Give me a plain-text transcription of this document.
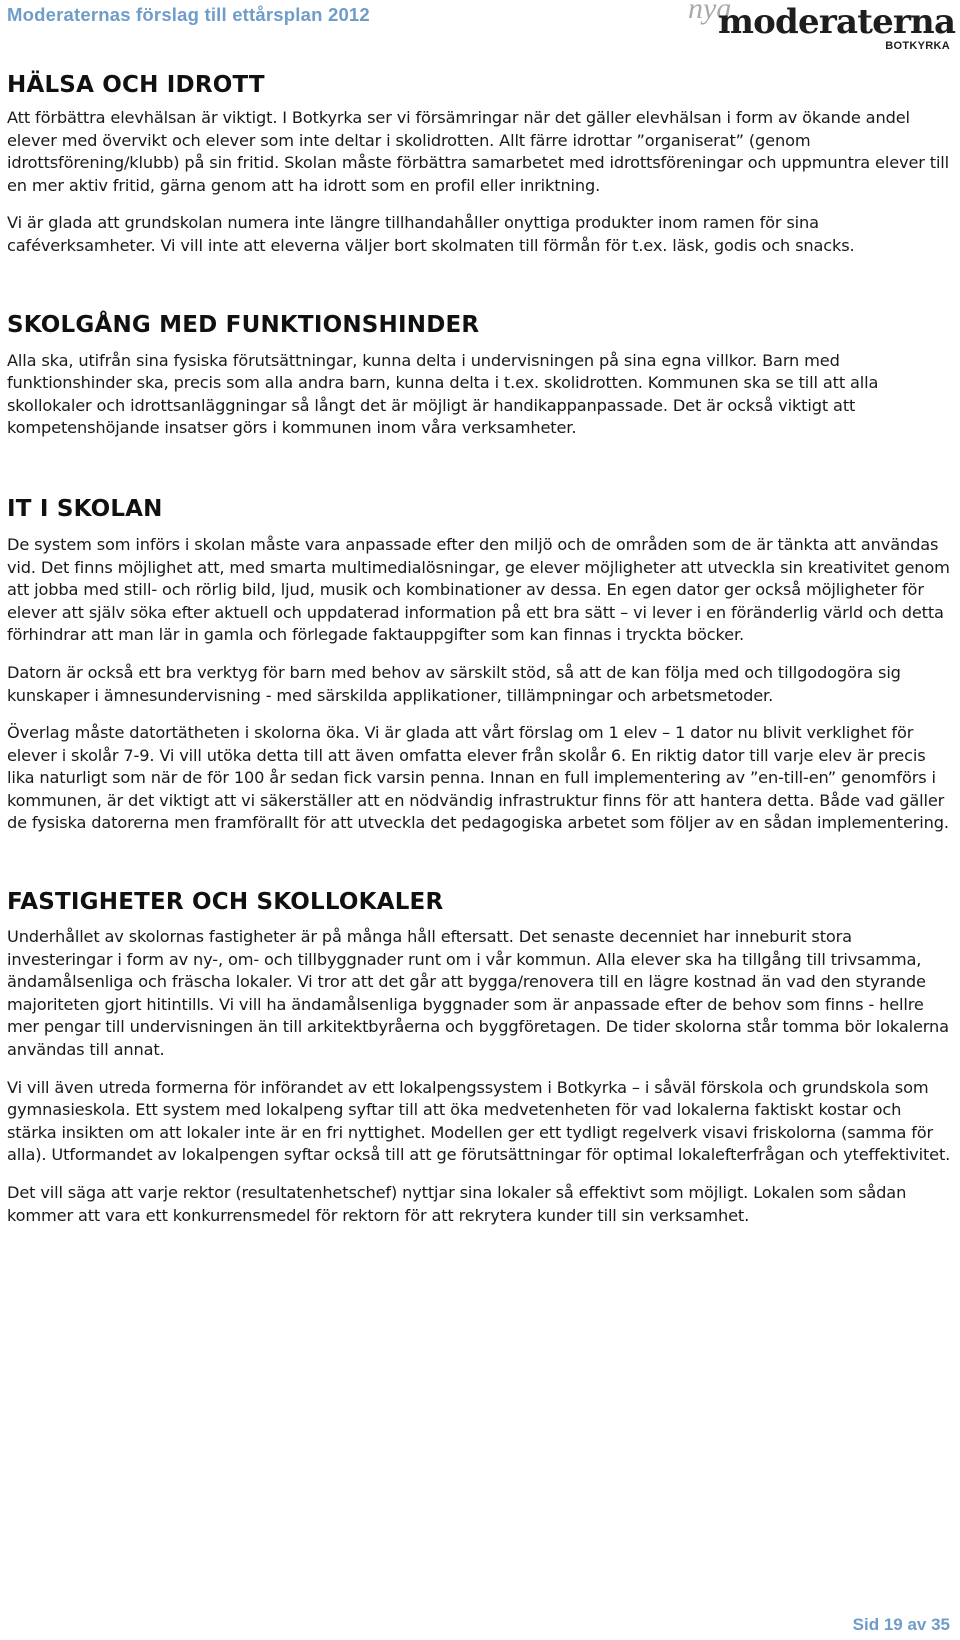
Moderaternas förslag till ettårsplan 2012	nya
moderaterna
BOTKYRKA
HÄLSA OCH IDROTT

Att förbättra elevhälsan är viktigt. I Botkyrka ser vi försämringar när det gäller elevhälsan i form av ökande andel elever med övervikt och elever som inte deltar i skolidrotten. Allt färre idrottar ”organiserat” (genom idrottsförening/klubb) på sin fritid. Skolan måste förbättra samarbetet med idrottsföreningar och uppmuntra elever till en mer aktiv fritid, gärna genom att ha idrott som en profil eller inriktning.

Vi är glada att grundskolan numera inte längre tillhandahåller onyttiga produkter inom ramen för sina caféverksamheter. Vi vill inte att eleverna väljer bort skolmaten till förmån för t.ex. läsk, godis och snacks.

SKOLGÅNG MED FUNKTIONSHINDER

Alla ska, utifrån sina fysiska förutsättningar, kunna delta i undervisningen på sina egna villkor. Barn med funktionshinder ska, precis som alla andra barn, kunna delta i t.ex. skolidrotten. Kommunen ska se till att alla skollokaler och idrottsanläggningar så långt det är möjligt är handikappanpassade. Det är också viktigt att kompetenshöjande insatser görs i kommunen inom våra verksamheter.

IT I SKOLAN

De system som införs i skolan måste vara anpassade efter den miljö och de områden som de är tänkta att användas vid. Det finns möjlighet att, med smarta multimedialösningar, ge elever möjligheter att utveckla sin kreativitet genom att jobba med still- och rörlig bild, ljud, musik och kombinationer av dessa. En egen dator ger också möjligheter för elever att själv söka efter aktuell och uppdaterad information på ett bra sätt – vi lever i en föränderlig värld och detta förhindrar att man lär in gamla och förlegade faktauppgifter som kan finnas i tryckta böcker.

Datorn är också ett bra verktyg för barn med behov av särskilt stöd, så att de kan följa med och tillgodogöra sig kunskaper i ämnesundervisning - med särskilda applikationer, tillämpningar och arbetsmetoder.

Överlag måste datortätheten i skolorna öka. Vi är glada att vårt förslag om 1 elev – 1 dator nu blivit verklighet för elever i skolår 7-9. Vi vill utöka detta till att även omfatta elever från skolår 6. En riktig dator till varje elev är precis lika naturligt som när de för 100 år sedan fick varsin penna. Innan en full implementering av ”en-till-en” genomförs i kommunen, är det viktigt att vi säkerställer att en nödvändig infrastruktur finns för att hantera detta. Både vad gäller de fysiska datorerna men framförallt för att utveckla det pedagogiska arbetet som följer av en sådan implementering.

FASTIGHETER OCH SKOLLOKALER

Underhållet av skolornas fastigheter är på många håll eftersatt. Det senaste decenniet har inneburit stora investeringar i form av ny-, om- och tillbyggnader runt om i vår kommun. Alla elever ska ha tillgång till trivsamma, ändamålsenliga och fräscha lokaler. Vi tror att det går att bygga/renovera till en lägre kostnad än vad den styrande majoriteten gjort hitintills. Vi vill ha ändamålsenliga byggnader som är anpassade efter de behov som finns - hellre mer pengar till undervisningen än till arkitektbyråerna och byggföretagen. De tider skolorna står tomma bör lokalerna användas till annat.

Vi vill även utreda formerna för införandet av ett lokalpengssystem i Botkyrka – i såväl förskola och grundskola som gymnasieskola. Ett system med lokalpeng syftar till att öka medvetenheten för vad lokalerna faktiskt kostar och stärka insikten om att lokaler inte är en fri nyttighet. Modellen ger ett tydligt regelverk visavi friskolorna (samma för alla). Utformandet av lokalpengen syftar också till att ge förutsättningar för optimal lokalefterfrågan och yteffektivitet.

Det vill säga att varje rektor (resultatenhetschef) nyttjar sina lokaler så effektivt som möjligt. Lokalen som sådan kommer att vara ett konkurrensmedel för rektorn för att rekrytera kunder till sin verksamhet.

Sid 19 av 35
